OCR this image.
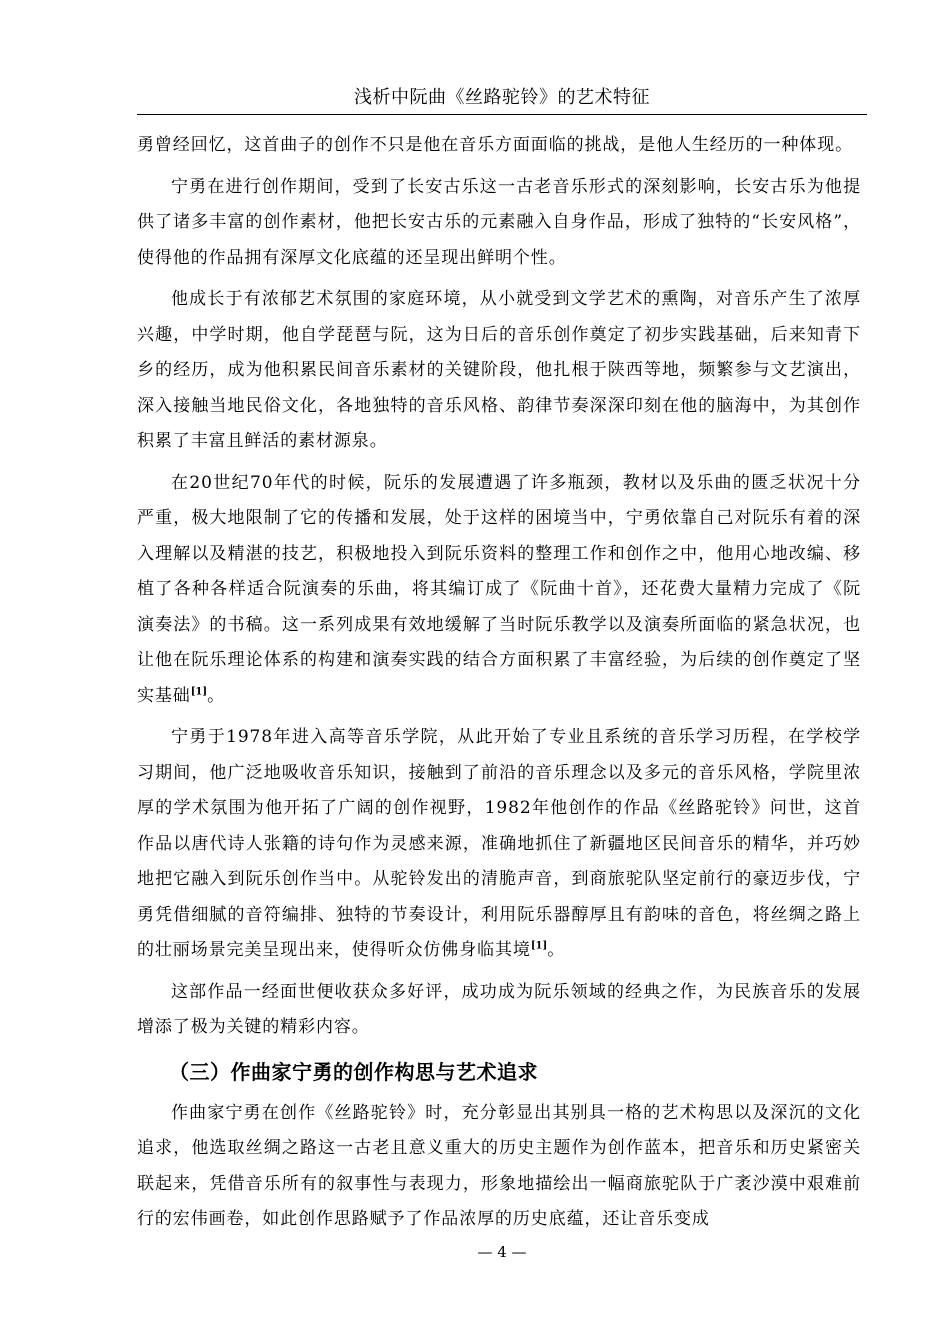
浅析中阮曲《丝路驼铃》的艺术特征

勇曾经回忆，这首曲子的创作不只是他在音乐方面面临的挑战，是他人生经历的一种体现。

宁勇在进行创作期间，受到了长安古乐这一古老音乐形式的深刻影响，长安古乐为他提供了诸多丰富的创作素材，他把长安古乐的元素融入自身作品，形成了独特的“长安风格”，使得他的作品拥有深厚文化底蕴的还呈现出鲜明个性。

他成长于有浓郁艺术氛围的家庭环境，从小就受到文学艺术的熏陶，对音乐产生了浓厚兴趣，中学时期，他自学琵琶与阮，这为日后的音乐创作奠定了初步实践基础，后来知青下乡的经历，成为他积累民间音乐素材的关键阶段，他扎根于陕西等地，频繁参与文艺演出，深入接触当地民俗文化，各地独特的音乐风格、韵律节奏深深印刻在他的脑海中，为其创作积累了丰富且鲜活的素材源泉。

在20世纪70年代的时候，阮乐的发展遭遇了许多瓶颈，教材以及乐曲的匮乏状况十分严重，极大地限制了它的传播和发展，处于这样的困境当中，宁勇依靠自己对阮乐有着的深入理解以及精湛的技艺，积极地投入到阮乐资料的整理工作和创作之中，他用心地改编、移植了各种各样适合阮演奏的乐曲，将其编订成了《阮曲十首》，还花费大量精力完成了《阮演奏法》的书稿。这一系列成果有效地缓解了当时阮乐教学以及演奏所面临的紧急状况，也让他在阮乐理论体系的构建和演奏实践的结合方面积累了丰富经验，为后续的创作奠定了坚实基础[1]。

宁勇于1978年进入高等音乐学院，从此开始了专业且系统的音乐学习历程，在学校学习期间，他广泛地吸收音乐知识，接触到了前沿的音乐理念以及多元的音乐风格，学院里浓厚的学术氛围为他开拓了广阔的创作视野，1982年他创作的作品《丝路驼铃》问世，这首作品以唐代诗人张籍的诗句作为灵感来源，准确地抓住了新疆地区民间音乐的精华，并巧妙地把它融入到阮乐创作当中。从驼铃发出的清脆声音，到商旅驼队坚定前行的豪迈步伐，宁勇凭借细腻的音符编排、独特的节奏设计，利用阮乐器醇厚且有韵味的音色，将丝绸之路上的壮丽场景完美呈现出来，使得听众仿佛身临其境[1]。

这部作品一经面世便收获众多好评，成功成为阮乐领域的经典之作，为民族音乐的发展增添了极为关键的精彩内容。

（三）作曲家宁勇的创作构思与艺术追求

作曲家宁勇在创作《丝路驼铃》时，充分彰显出其别具一格的艺术构思以及深沉的文化追求，他选取丝绸之路这一古老且意义重大的历史主题作为创作蓝本，把音乐和历史紧密关联起来，凭借音乐所有的叙事性与表现力，形象地描绘出一幅商旅驼队于广袤沙漠中艰难前行的宏伟画卷，如此创作思路赋予了作品浓厚的历史底蕴，还让音乐变成

— 4 —
